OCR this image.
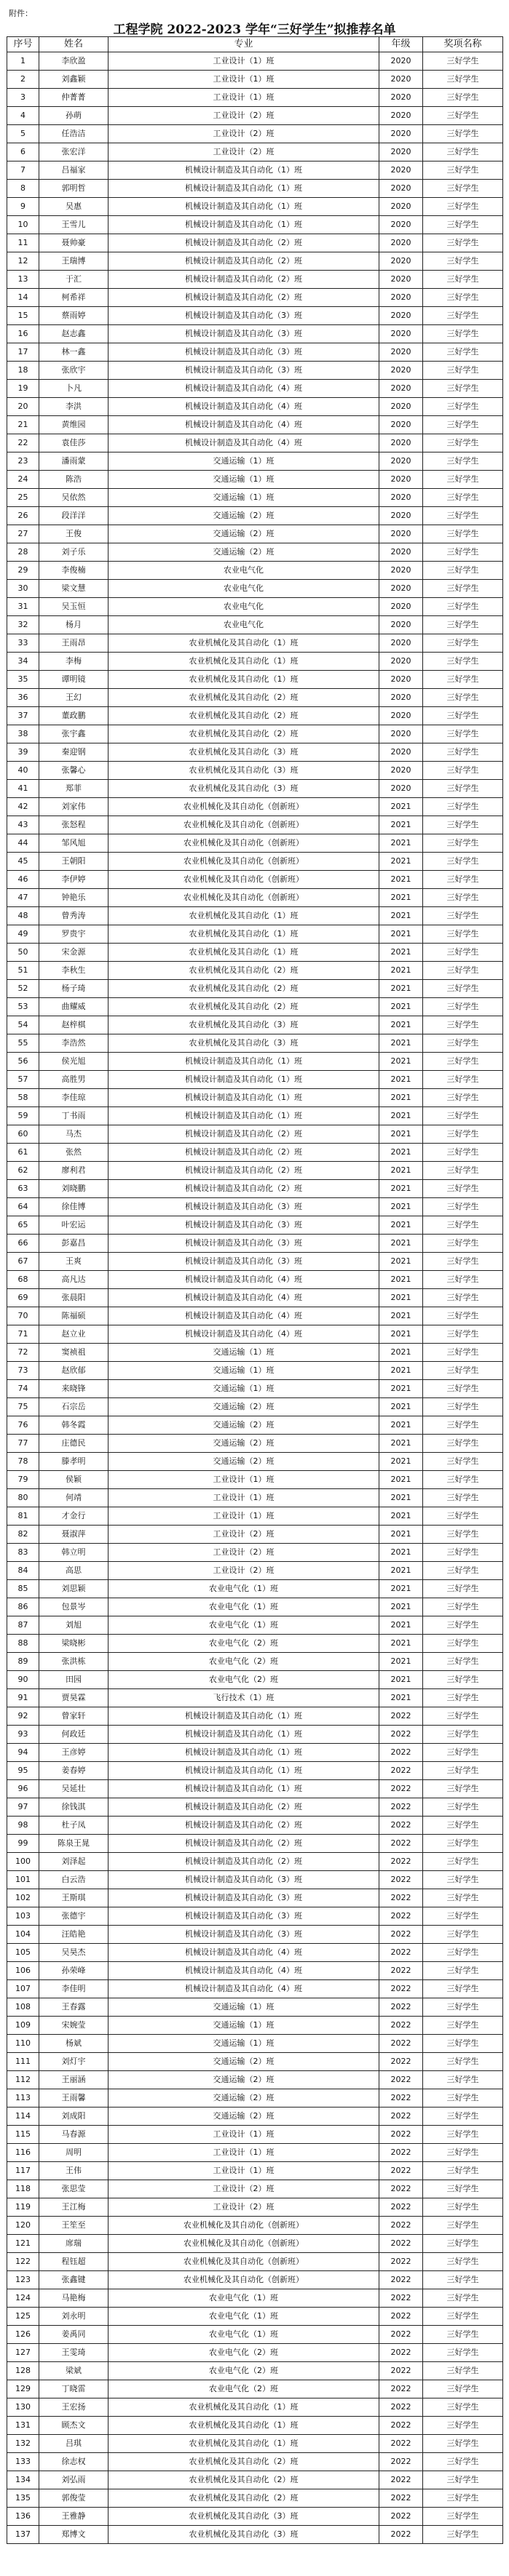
附件：
工程学院 2022-2023 学年“三好学生”拟推荐名单
序号	姓名	专业	年级	奖项名称
1	李欣盈	工业设计（1）班	2020	三好学生
2	刘鑫颖	工业设计（1）班	2020	三好学生
3	仲菁菁	工业设计（1）班	2020	三好学生
4	孙萌	工业设计（2）班	2020	三好学生
5	任浩洁	工业设计（2）班	2020	三好学生
6	张宏洋	工业设计（2）班	2020	三好学生
7	吕福家	机械设计制造及其自动化（1）班	2020	三好学生
8	郭明哲	机械设计制造及其自动化（1）班	2020	三好学生
9	吴惠	机械设计制造及其自动化（1）班	2020	三好学生
10	王雪儿	机械设计制造及其自动化（1）班	2020	三好学生
11	聂帅豪	机械设计制造及其自动化（2）班	2020	三好学生
12	王瑞博	机械设计制造及其自动化（2）班	2020	三好学生
13	于汇	机械设计制造及其自动化（2）班	2020	三好学生
14	柯希祥	机械设计制造及其自动化（2）班	2020	三好学生
15	蔡雨婷	机械设计制造及其自动化（3）班	2020	三好学生
16	赵志鑫	机械设计制造及其自动化（3）班	2020	三好学生
17	林一鑫	机械设计制造及其自动化（3）班	2020	三好学生
18	张欣宇	机械设计制造及其自动化（3）班	2020	三好学生
19	卜凡	机械设计制造及其自动化（4）班	2020	三好学生
20	李洪	机械设计制造及其自动化（4）班	2020	三好学生
21	黄维园	机械设计制造及其自动化（4）班	2020	三好学生
22	袁佳莎	机械设计制造及其自动化（4）班	2020	三好学生
23	潘雨蒙	交通运输（1）班	2020	三好学生
24	陈浩	交通运输（1）班	2020	三好学生
25	吴依然	交通运输（1）班	2020	三好学生
26	段洋洋	交通运输（2）班	2020	三好学生
27	王俊	交通运输（2）班	2020	三好学生
28	刘子乐	交通运输（2）班	2020	三好学生
29	李俊楠	农业电气化	2020	三好学生
30	梁文慧	农业电气化	2020	三好学生
31	吴玉恒	农业电气化	2020	三好学生
32	杨月	农业电气化	2020	三好学生
33	王雨昂	农业机械化及其自动化（1）班	2020	三好学生
34	李梅	农业机械化及其自动化（1）班	2020	三好学生
35	谭明镜	农业机械化及其自动化（1）班	2020	三好学生
36	王幻	农业机械化及其自动化（2）班	2020	三好学生
37	董政鹏	农业机械化及其自动化（2）班	2020	三好学生
38	张宇鑫	农业机械化及其自动化（2）班	2020	三好学生
39	秦迎钢	农业机械化及其自动化（3）班	2020	三好学生
40	张馨心	农业机械化及其自动化（3）班	2020	三好学生
41	郑菲	农业机械化及其自动化（3）班	2020	三好学生
42	刘家伟	农业机械化及其自动化（创新班）	2021	三好学生
43	张怒程	农业机械化及其自动化（创新班）	2021	三好学生
44	邹风旭	农业机械化及其自动化（创新班）	2021	三好学生
45	王朝阳	农业机械化及其自动化（创新班）	2021	三好学生
46	李伊婷	农业机械化及其自动化（创新班）	2021	三好学生
47	钟艳乐	农业机械化及其自动化（创新班）	2021	三好学生
48	曾秀涛	农业机械化及其自动化（1）班	2021	三好学生
49	罗贵宇	农业机械化及其自动化（1）班	2021	三好学生
50	宋金源	农业机械化及其自动化（1）班	2021	三好学生
51	李秋生	农业机械化及其自动化（2）班	2021	三好学生
52	杨子琦	农业机械化及其自动化（2）班	2021	三好学生
53	曲耀威	农业机械化及其自动化（2）班	2021	三好学生
54	赵梓棋	农业机械化及其自动化（3）班	2021	三好学生
55	李浩然	农业机械化及其自动化（3）班	2021	三好学生
56	侯光旭	机械设计制造及其自动化（1）班	2021	三好学生
57	高胜男	机械设计制造及其自动化（1）班	2021	三好学生
58	李佳琼	机械设计制造及其自动化（1）班	2021	三好学生
59	丁书雨	机械设计制造及其自动化（1）班	2021	三好学生
60	马杰	机械设计制造及其自动化（2）班	2021	三好学生
61	张然	机械设计制造及其自动化（2）班	2021	三好学生
62	廖利君	机械设计制造及其自动化（2）班	2021	三好学生
63	刘晓鹏	机械设计制造及其自动化（2）班	2021	三好学生
64	徐佳博	机械设计制造及其自动化（3）班	2021	三好学生
65	叶宏运	机械设计制造及其自动化（3）班	2021	三好学生
66	彭嘉昌	机械设计制造及其自动化（3）班	2021	三好学生
67	王爽	机械设计制造及其自动化（3）班	2021	三好学生
68	高凡达	机械设计制造及其自动化（4）班	2021	三好学生
69	张晨阳	机械设计制造及其自动化（4）班	2021	三好学生
70	陈福硕	机械设计制造及其自动化（4）班	2021	三好学生
71	赵立业	机械设计制造及其自动化（4）班	2021	三好学生
72	窦祯祖	交通运输（1）班	2021	三好学生
73	赵欣郁	交通运输（1）班	2021	三好学生
74	来晓锋	交通运输（1）班	2021	三好学生
75	石宗岳	交通运输（2）班	2021	三好学生
76	韩冬霞	交通运输（2）班	2021	三好学生
77	庄德民	交通运输（2）班	2021	三好学生
78	滕孝明	交通运输（2）班	2021	三好学生
79	侯颖	工业设计（1）班	2021	三好学生
80	何靖	工业设计（1）班	2021	三好学生
81	才金行	工业设计（1）班	2021	三好学生
82	聂淑萍	工业设计（2）班	2021	三好学生
83	韩立明	工业设计（2）班	2021	三好学生
84	高思	工业设计（2）班	2021	三好学生
85	刘思颖	农业电气化（1）班	2021	三好学生
86	包景岑	农业电气化（1）班	2021	三好学生
87	刘旭	农业电气化（1）班	2021	三好学生
88	梁晓彬	农业电气化（2）班	2021	三好学生
89	张洪栋	农业电气化（2）班	2021	三好学生
90	田园	农业电气化（2）班	2021	三好学生
91	贾昊霖	飞行技术（1）班	2021	三好学生
92	曾家轩	机械设计制造及其自动化（1）班	2022	三好学生
93	何政廷	机械设计制造及其自动化（1）班	2022	三好学生
94	王彦婷	机械设计制造及其自动化（1）班	2022	三好学生
95	姜春婷	机械设计制造及其自动化（1）班	2022	三好学生
96	吴延壮	机械设计制造及其自动化（1）班	2022	三好学生
97	徐钱淇	机械设计制造及其自动化（2）班	2022	三好学生
98	杜子凤	机械设计制造及其自动化（2）班	2022	三好学生
99	陈泉王晁	机械设计制造及其自动化（2）班	2022	三好学生
100	刘泽起	机械设计制造及其自动化（2）班	2022	三好学生
101	白云浩	机械设计制造及其自动化（3）班	2022	三好学生
102	王斯琪	机械设计制造及其自动化（3）班	2022	三好学生
103	张德宇	机械设计制造及其自动化（3）班	2022	三好学生
104	汪皓艳	机械设计制造及其自动化（3）班	2022	三好学生
105	吴昊杰	机械设计制造及其自动化（4）班	2022	三好学生
106	孙荣峰	机械设计制造及其自动化（4）班	2022	三好学生
107	李佳明	机械设计制造及其自动化（4）班	2022	三好学生
108	王春露	交通运输（1）班	2022	三好学生
109	宋婉莹	交通运输（1）班	2022	三好学生
110	杨斌	交通运输（1）班	2022	三好学生
111	刘灯宇	交通运输（2）班	2022	三好学生
112	王丽涵	交通运输（2）班	2022	三好学生
113	王雨馨	交通运输（2）班	2022	三好学生
114	刘成阳	交通运输（2）班	2022	三好学生
115	马春源	工业设计（1）班	2022	三好学生
116	周明	工业设计（1）班	2022	三好学生
117	王伟	工业设计（1）班	2022	三好学生
118	张思莹	工业设计（2）班	2022	三好学生
119	王江梅	工业设计（2）班	2022	三好学生
120	王笙至	农业机械化及其自动化（创新班）	2022	三好学生
121	席瑞	农业机械化及其自动化（创新班）	2022	三好学生
122	程钰超	农业机械化及其自动化（创新班）	2022	三好学生
123	张鑫键	农业机械化及其自动化（创新班）	2022	三好学生
124	马艳梅	农业电气化（1）班	2022	三好学生
125	刘永明	农业电气化（1）班	2022	三好学生
126	姜禹同	农业电气化（1）班	2022	三好学生
127	王雯琦	农业电气化（2）班	2022	三好学生
128	梁斌	农业电气化（2）班	2022	三好学生
129	丁晓雷	农业电气化（2）班	2022	三好学生
130	王宏扬	农业机械化及其自动化（1）班	2022	三好学生
131	顾杰文	农业机械化及其自动化（1）班	2022	三好学生
132	吕琪	农业机械化及其自动化（1）班	2022	三好学生
133	徐志权	农业机械化及其自动化（2）班	2022	三好学生
134	刘弘雨	农业机械化及其自动化（2）班	2022	三好学生
135	郭俊莹	农业机械化及其自动化（2）班	2022	三好学生
136	王雅静	农业机械化及其自动化（3）班	2022	三好学生
137	郑博文	农业机械化及其自动化（3）班	2022	三好学生
